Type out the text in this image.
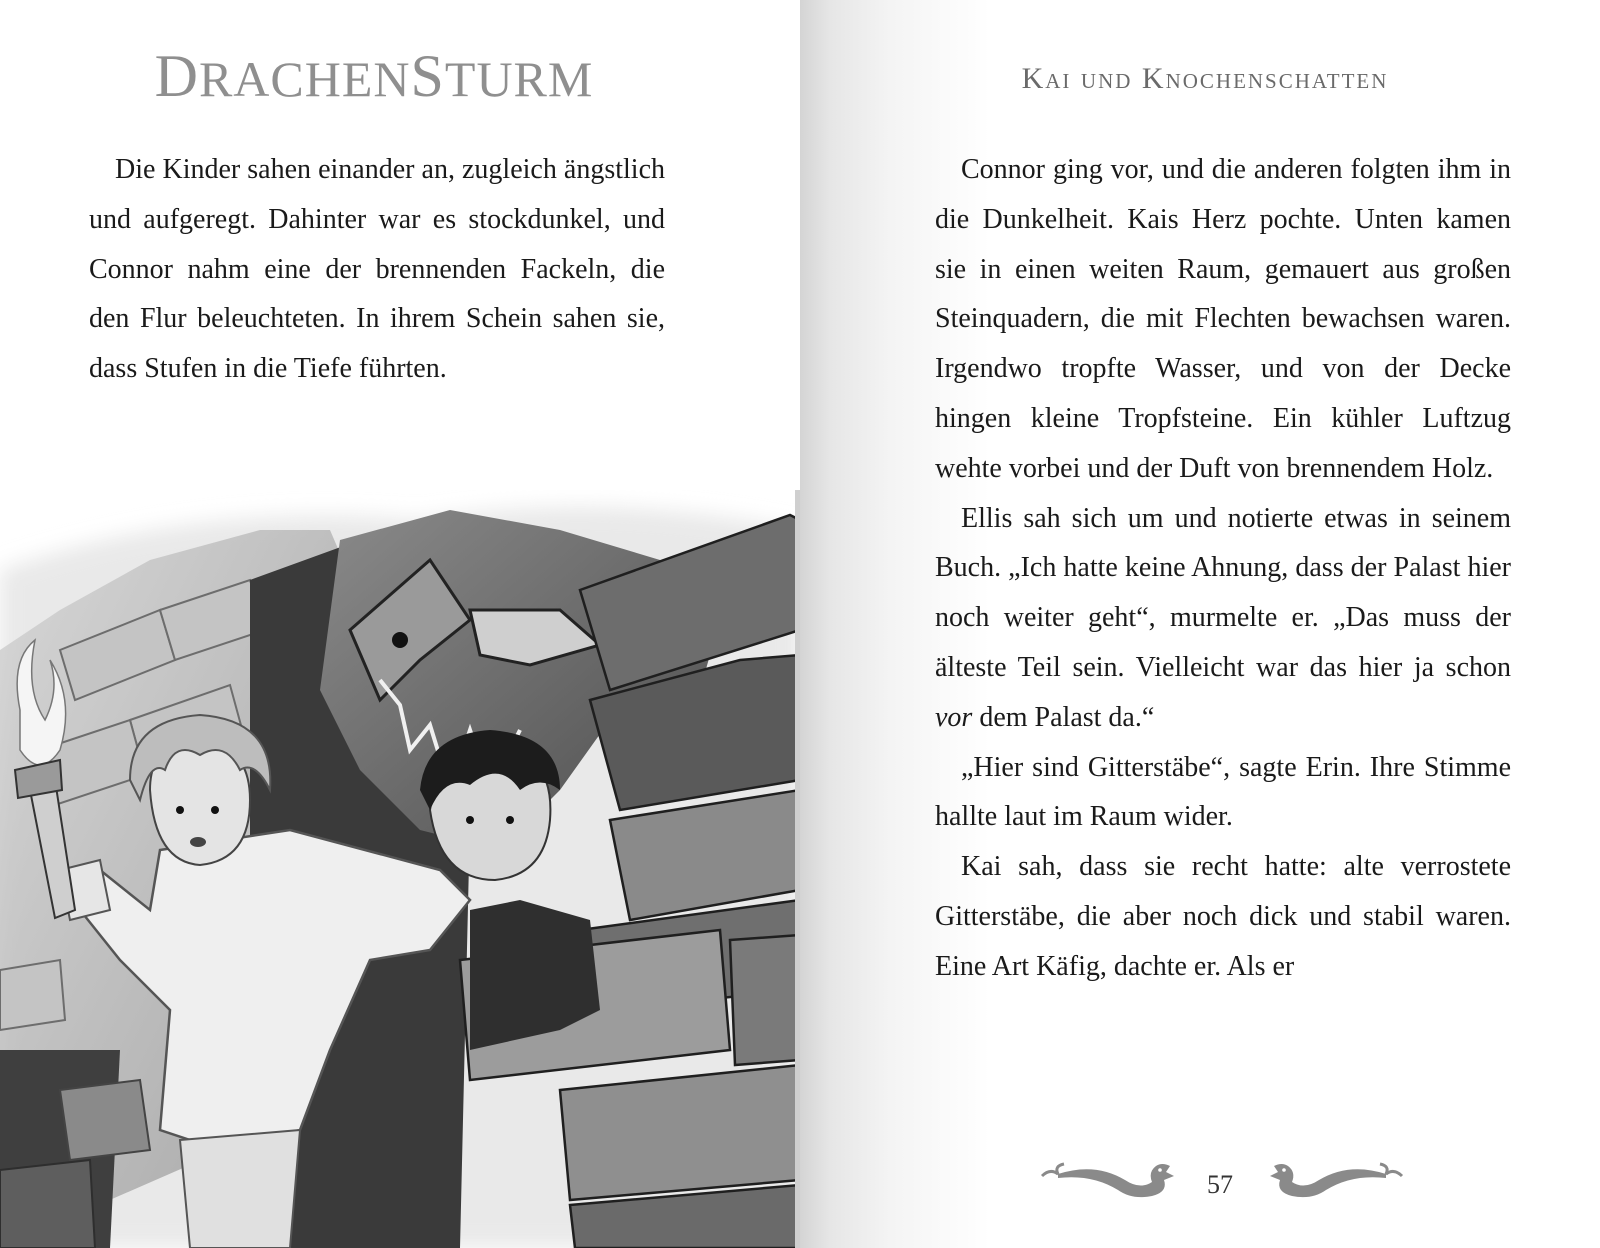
DRACHENSTURM

Die Kinder sahen einander an, zugleich ängstlich und aufgeregt. Dahinter war es stockdunkel, und Connor nahm eine der brennenden Fackeln, die den Flur beleuchteten. In ihrem Schein sahen sie, dass Stufen in die Tiefe führten.

Kai und Knochenschatten

Connor ging vor, und die anderen folgten ihm in die Dunkelheit. Kais Herz pochte. Unten kamen sie in einen weiten Raum, gemauert aus großen Steinquadern, die mit Flechten bewachsen waren. Irgendwo tropfte Wasser, und von der Decke hingen kleine Tropfsteine. Ein kühler Luftzug wehte vorbei und der Duft von brennendem Holz.

Ellis sah sich um und notierte etwas in seinem Buch. „Ich hatte keine Ahnung, dass der Palast hier noch weiter geht“, murmelte er. „Das muss der älteste Teil sein. Vielleicht war das hier ja schon vor dem Palast da.“

„Hier sind Gitterstäbe“, sagte Erin. Ihre Stimme hallte laut im Raum wider.

Kai sah, dass sie recht hatte: alte verrostete Gitterstäbe, die aber noch dick und stabil waren. Eine Art Käfig, dachte er. Als er

57
